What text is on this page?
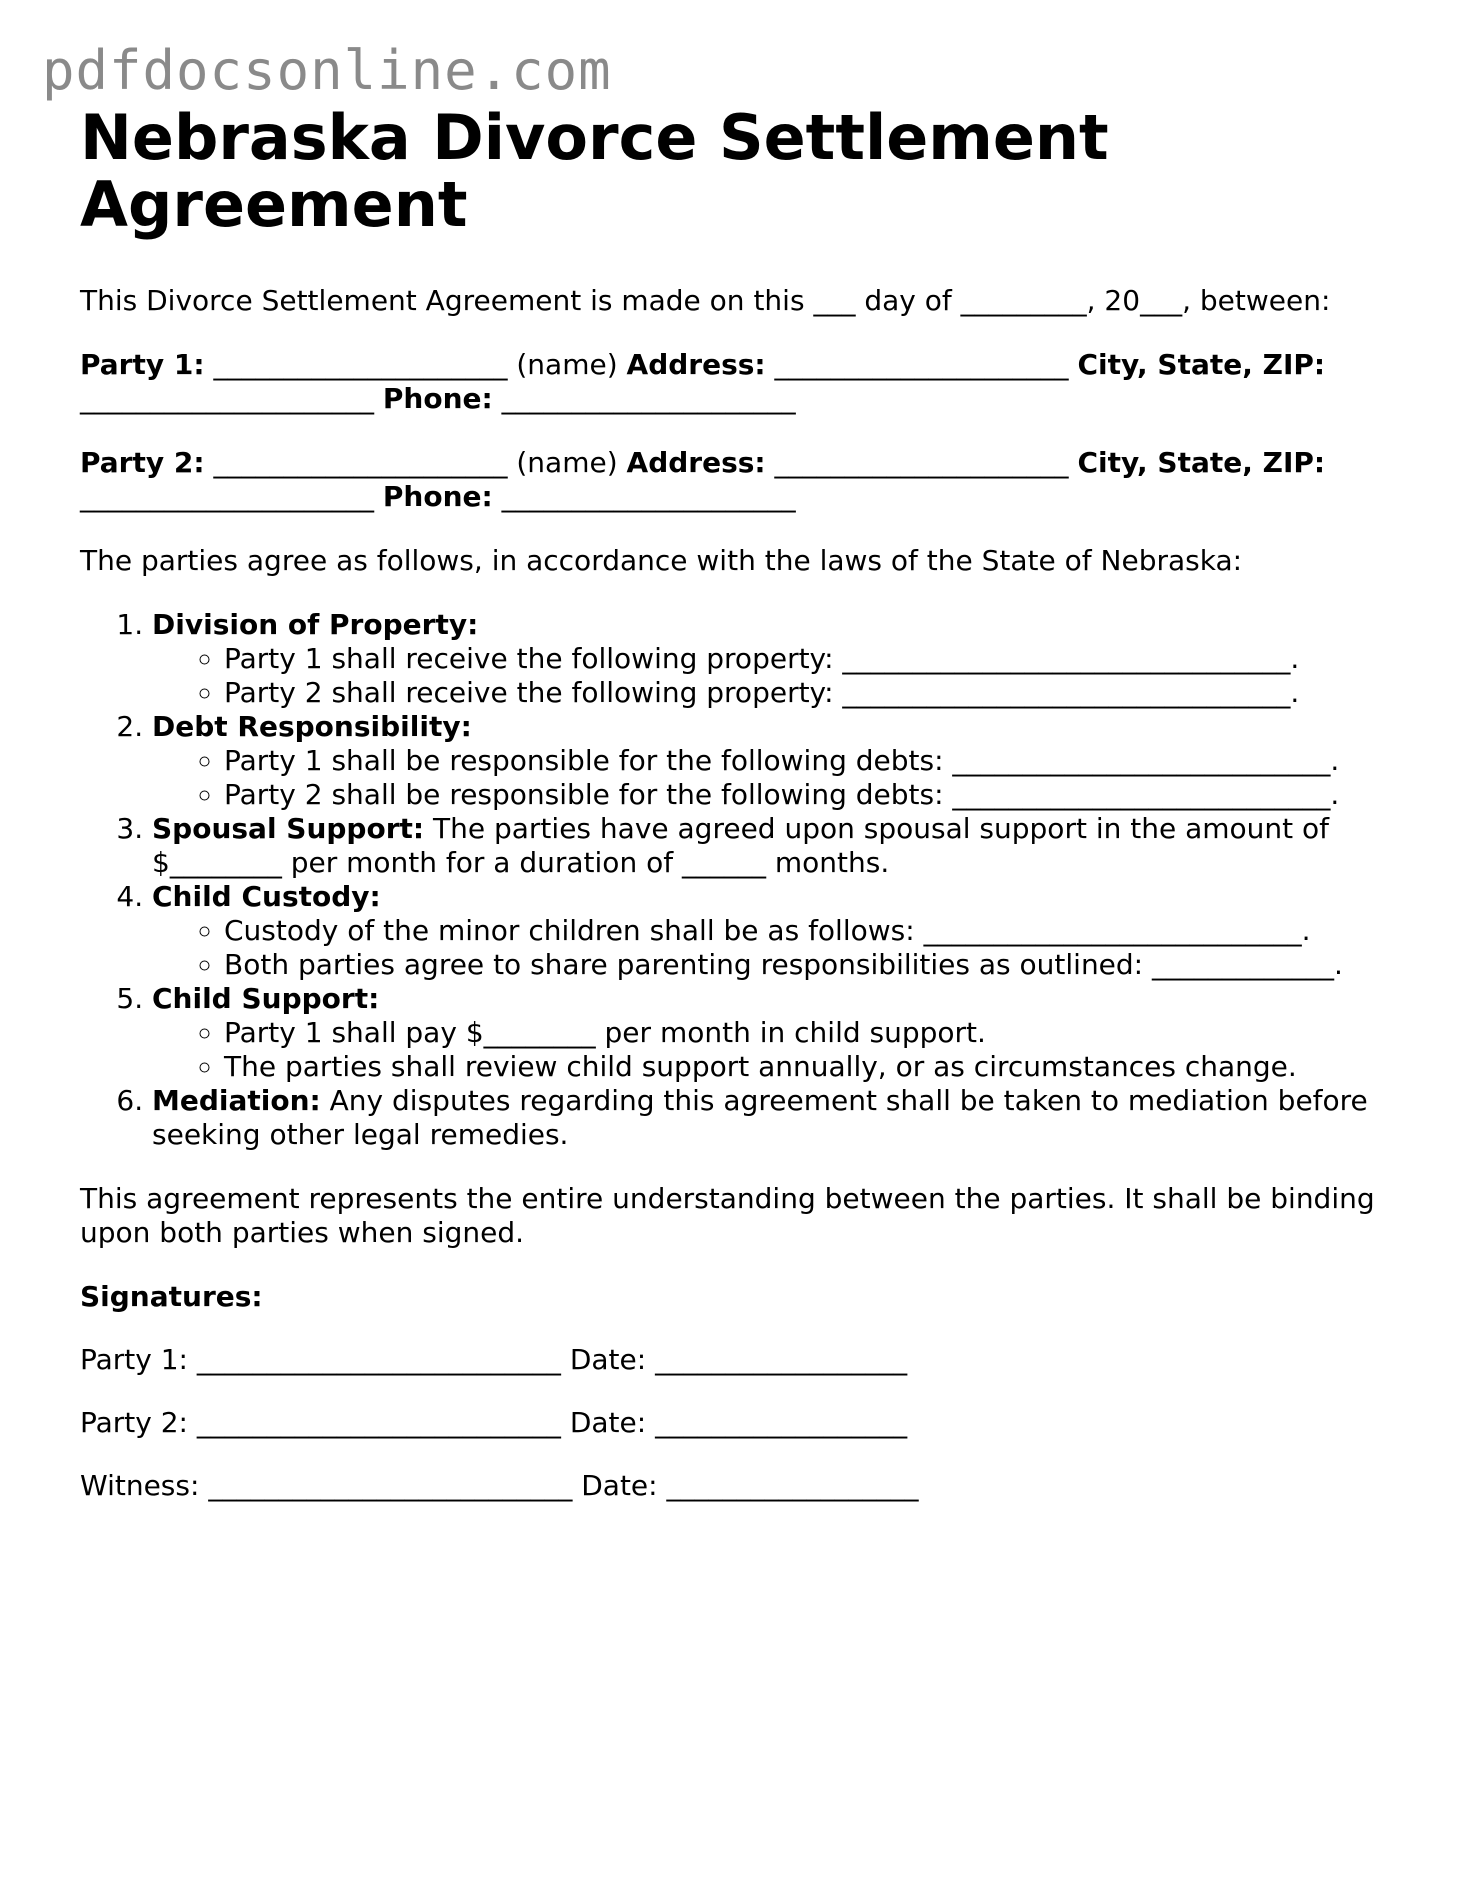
pdfdocsonline.com
Nebraska Divorce Settlement Agreement

This Divorce Settlement Agreement is made on this ___ day of _________, 20___, between:

Party 1: _____________________ (name) Address: _____________________ City, State, ZIP: _____________________ Phone: _____________________

Party 2: _____________________ (name) Address: _____________________ City, State, ZIP: _____________________ Phone: _____________________

The parties agree as follows, in accordance with the laws of the State of Nebraska:

1. Division of Property:
◦ Party 1 shall receive the following property: ________________________________.
◦ Party 2 shall receive the following property: ________________________________.
2. Debt Responsibility:
◦ Party 1 shall be responsible for the following debts: ___________________________.
◦ Party 2 shall be responsible for the following debts: ___________________________.
3. Spousal Support: The parties have agreed upon spousal support in the amount of $________ per month for a duration of ______ months.
4. Child Custody:
◦ Custody of the minor children shall be as follows: ___________________________.
◦ Both parties agree to share parenting responsibilities as outlined: _____________.
5. Child Support:
◦ Party 1 shall pay $________ per month in child support.
◦ The parties shall review child support annually, or as circumstances change.
6. Mediation: Any disputes regarding this agreement shall be taken to mediation before seeking other legal remedies.

This agreement represents the entire understanding between the parties. It shall be binding upon both parties when signed.

Signatures:

Party 1: __________________________ Date: __________________

Party 2: __________________________ Date: __________________

Witness: __________________________ Date: __________________
